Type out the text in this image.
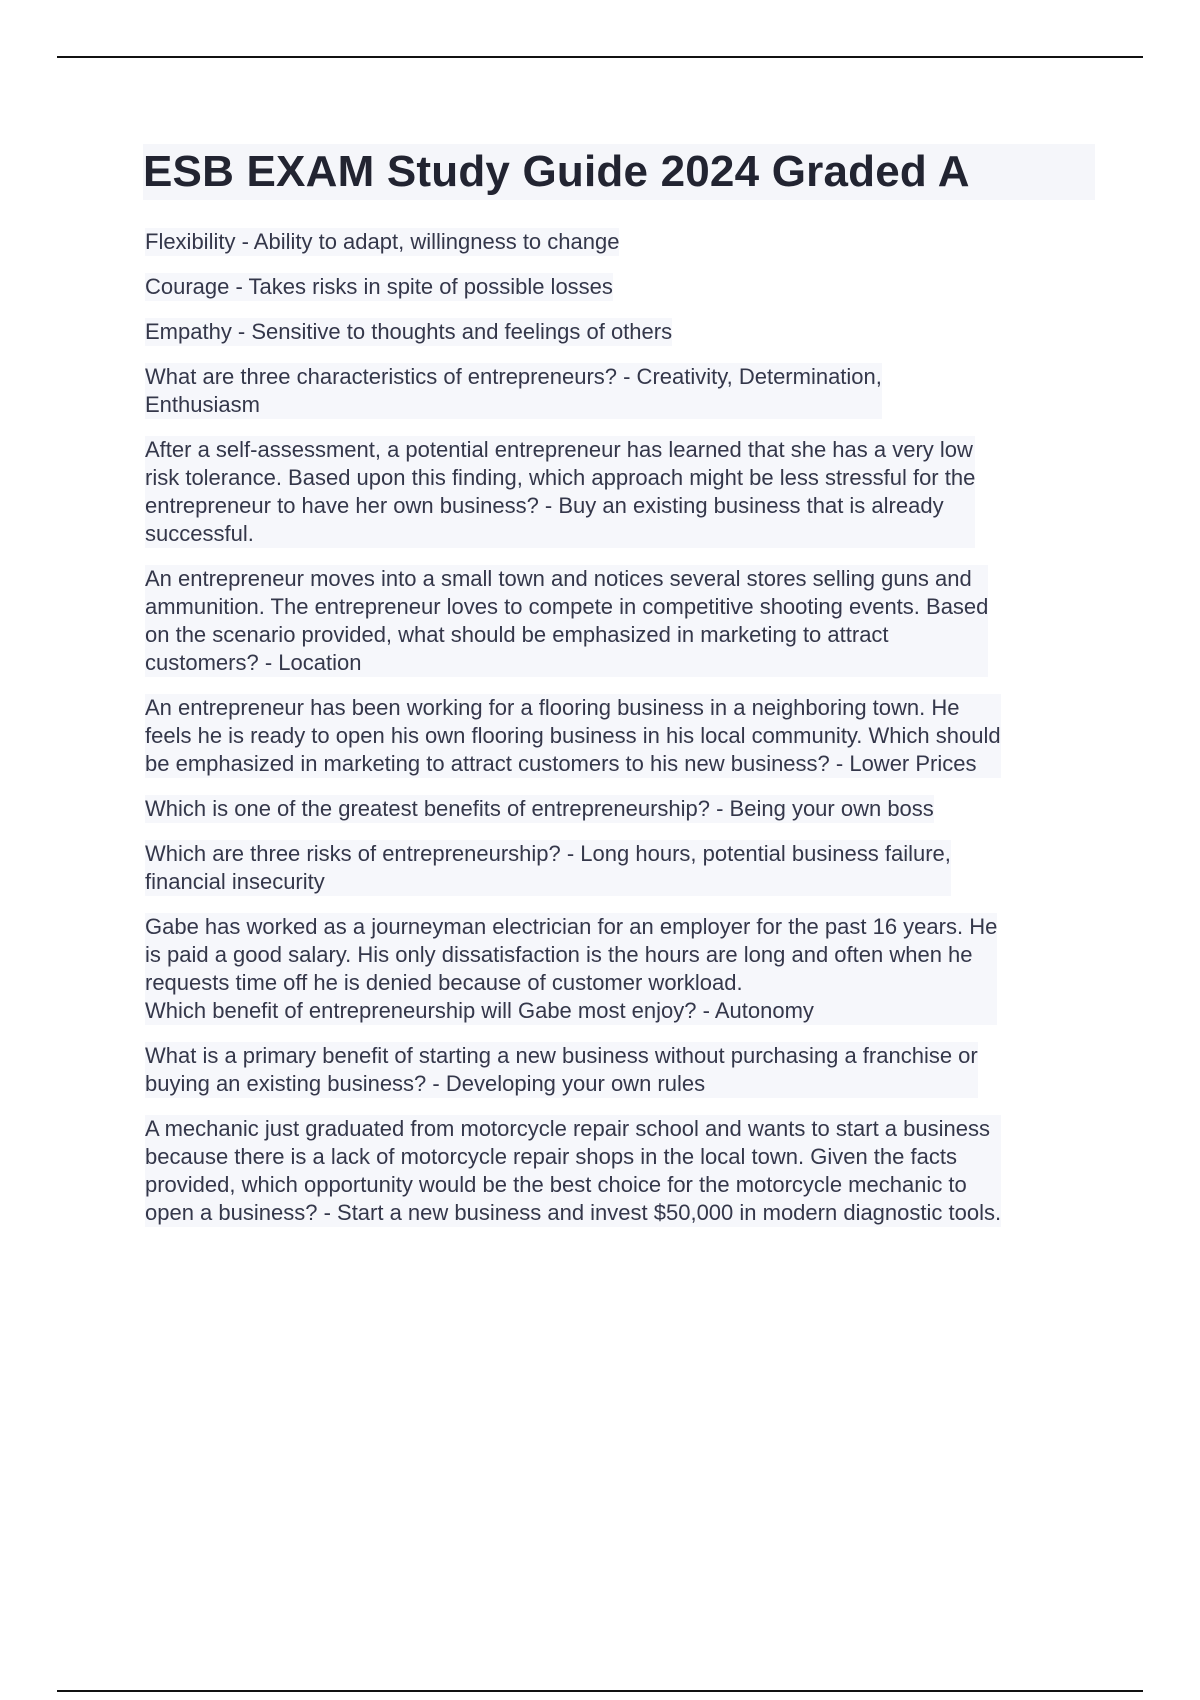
ESB EXAM Study Guide 2024 Graded A
Flexibility - Ability to adapt, willingness to change
Courage - Takes risks in spite of possible losses
Empathy - Sensitive to thoughts and feelings of others
What are three characteristics of entrepreneurs? - Creativity, Determination,
Enthusiasm
After a self-assessment, a potential entrepreneur has learned that she has a very low
risk tolerance. Based upon this finding, which approach might be less stressful for the
entrepreneur to have her own business? - Buy an existing business that is already
successful.
An entrepreneur moves into a small town and notices several stores selling guns and
ammunition. The entrepreneur loves to compete in competitive shooting events. Based
on the scenario provided, what should be emphasized in marketing to attract
customers? - Location
An entrepreneur has been working for a flooring business in a neighboring town. He
feels he is ready to open his own flooring business in his local community. Which should
be emphasized in marketing to attract customers to his new business? - Lower Prices
Which is one of the greatest benefits of entrepreneurship? - Being your own boss
Which are three risks of entrepreneurship? - Long hours, potential business failure,
financial insecurity
Gabe has worked as a journeyman electrician for an employer for the past 16 years. He
is paid a good salary. His only dissatisfaction is the hours are long and often when he
requests time off he is denied because of customer workload.
Which benefit of entrepreneurship will Gabe most enjoy? - Autonomy
What is a primary benefit of starting a new business without purchasing a franchise or
buying an existing business? - Developing your own rules
A mechanic just graduated from motorcycle repair school and wants to start a business
because there is a lack of motorcycle repair shops in the local town. Given the facts
provided, which opportunity would be the best choice for the motorcycle mechanic to
open a business? - Start a new business and invest $50,000 in modern diagnostic tools.
